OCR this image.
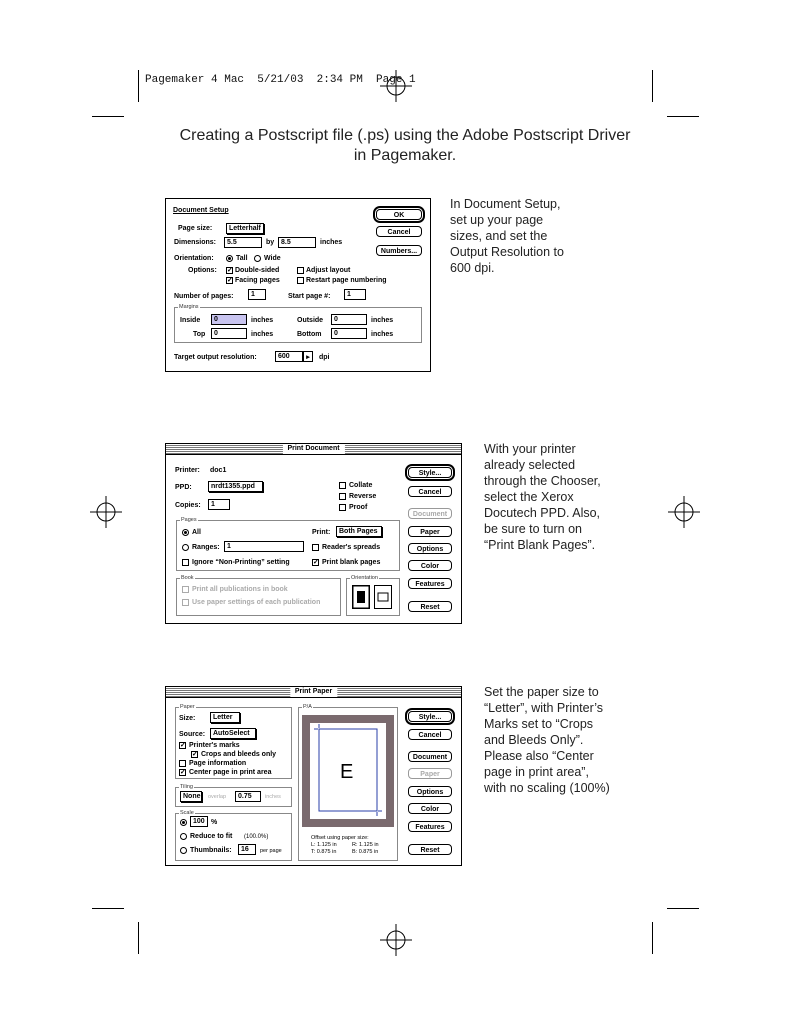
Pagemaker 4 Mac  5/21/03  2:34 PM  Page 1
Creating a Postscript file (.ps) using the Adobe Postscript Driver
in Pagemaker.
Document Setup
Page size:	Letterhalf
Dimensions:	5.5	by 8.5	inches
Orientation:	Tall Wide
Options: ✓ Double-sided
✓ Facing pages
Adjust layout
Restart page numbering
Number of pages:	1	Start page #:	1
Margins
Inside	0	inches	Outside	0	inches
Top	0	inches	Bottom	0	inches
Target output resolution:	600	▸	dpi
OK
Cancel
Numbers...
In Document Setup,
set up your page
sizes, and set the
Output Resolution to
600 dpi.
Print Document
Printer: doc1
PPD:	nrdt1355.ppd
Copies:	1
Collate
Reverse
Proof
Pages
All
Ranges:	1
Ignore “Non-Printing” setting
Print:	Both Pages
Reader's spreads
✓ Print blank pages
Book
Print all publications in book
Use paper settings of each publication
Orientation
Style...
Cancel
Document
Paper
Options
Color
Features
Reset
With your printer
already selected
through the Chooser,
select the Xerox
Docutech PPD. Also,
be sure to turn on
“Print Blank Pages”.
Print Paper
Paper
Size:	Letter
Source:	AutoSelect
✓ Printer's marks
✓ Crops and bleeds only
Page information
✓ Center page in print area
Tiling
None overlap	0.75	inches
Scale
100 %
Reduce to fit (100.0%)
Thumbnails:	16	per page
P/A
E
Offset using paper size:
L: 1.125 in	R: 1.125 in
T: 0.875 in	B: 0.875 in
Style...
Cancel
Document
Paper
Options
Color
Features
Reset
Set the paper size to
“Letter”, with Printer’s
Marks set to “Crops
and Bleeds Only”.
Please also “Center
page in print area”,
with no scaling (100%)
